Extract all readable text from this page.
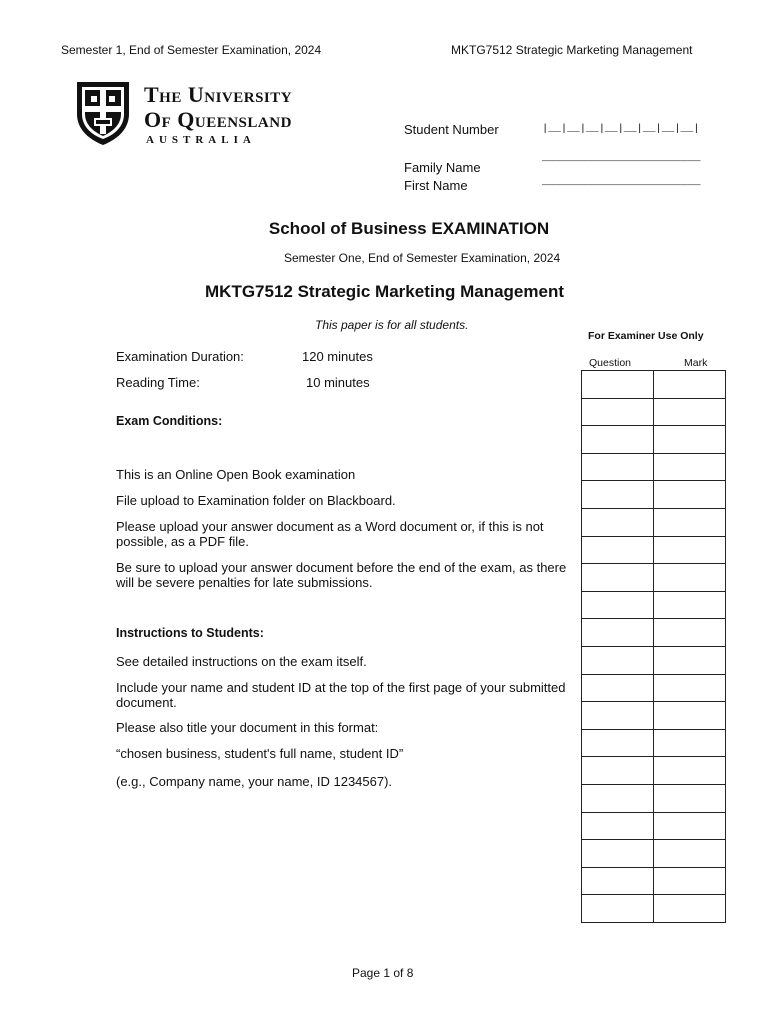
Semester 1, End of Semester Examination, 2024	MKTG7512 Strategic Marketing Management
The University
Of Queensland
AUSTRALIA
Student Number	|__|__|__|__|__|__|__|__|
Family Name
________________________
First Name	________________________
School of Business EXAMINATION
Semester One, End of Semester Examination, 2024
MKTG7512 Strategic Marketing Management
This paper is for all students.
Examination Duration:	120 minutes
Reading Time:	10 minutes
Exam Conditions:
This is an Online Open Book examination
File upload to Examination folder on Blackboard.
Please upload your answer document as a Word document or, if this is not possible, as a PDF file.
Be sure to upload your answer document before the end of the exam, as there will be severe penalties for late submissions.
Instructions to Students:
See detailed instructions on the exam itself.
Include your name and student ID at the top of the first page of your submitted document.
Please also title your document in this format:
“chosen business, student's full name, student ID”
(e.g., Company name, your name, ID 1234567).
For Examiner Use Only
Question	Mark

Page 1 of 8
